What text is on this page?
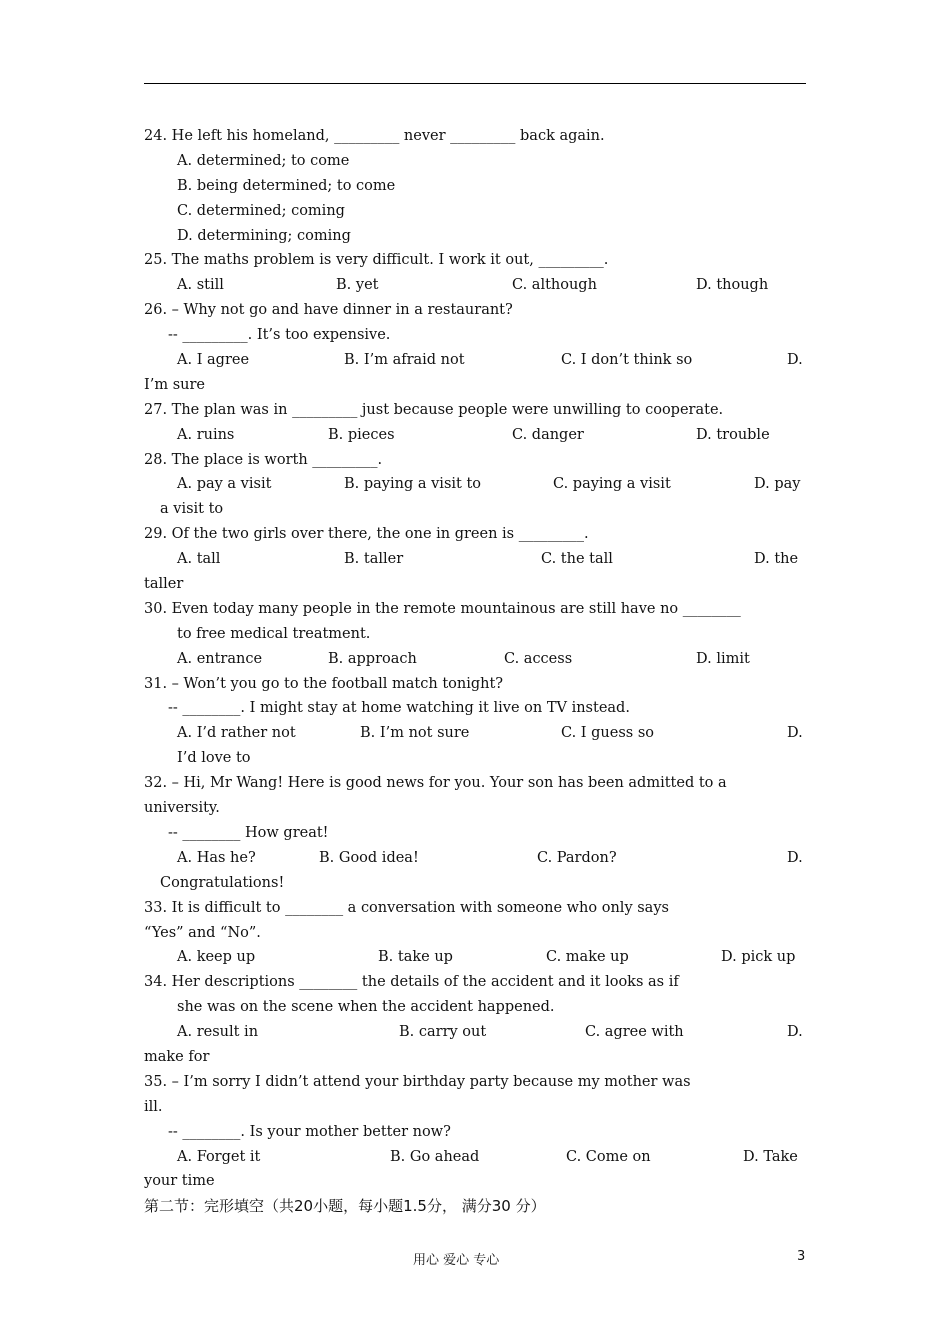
24. He left his homeland, _________ never _________ back again.
A. determined; to come
B. being determined; to come
C. determined; coming
D. determining; coming
25. The maths problem is very difficult. I work it out, _________.

A. still

	B. yet

	C. although

	D. though

26. – Why not go and have dinner in a restaurant?
-- _________. It’s too expensive.

A. I agree

	B. I’m afraid not

	C. I don’t think so

	D.

I’m sure
27. The plan was in _________ just because people were unwilling to cooperate.

A. ruins

	B. pieces

	C. danger

	D. trouble

28. The place is worth _________.

A. pay a visit

	B. paying a visit to

	C. paying a visit

	D. pay

a visit to
29. Of the two girls over there, the one in green is _________.

A. tall

	B. taller

	C. the tall

	D. the

taller
30. Even today many people in the remote mountainous are still have no ________
to free medical treatment.

A. entrance

	B. approach

	C. access

	D. limit

31. – Won’t you go to the football match tonight?
-- ________. I might stay at home watching it live on TV instead.

A. I’d rather not

	B. I’m not sure

	C. I guess so

	D.

I’d love to
32. – Hi, Mr Wang! Here is good news for you. Your son has been admitted to a
university.
-- ________ How great!

A. Has he?

	B. Good idea!

	C. Pardon?

	D.

Congratulations!
33. It is difficult to ________ a conversation with someone who only says
“Yes” and “No”.

A. keep up

	B. take up

	C. make up

	D. pick up

34. Her descriptions ________ the details of the accident and it looks as if
she was on the scene when the accident happened.

A. result in

	B. carry out

	C. agree with

	D.

make for
35. – I’m sorry I didn’t attend your birthday party because my mother was
ill.
-- ________. Is your mother better now?

A. Forget it

	B. Go ahead

	C. Come on

	D. Take

your time
第二节：完形填空（共20小题，每小题1.5分， 满分30 分）
用心 爱心 专心	3
